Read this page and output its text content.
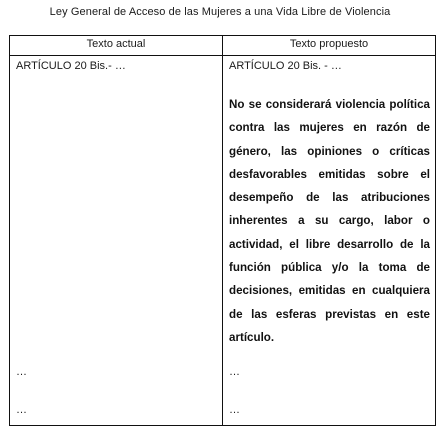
Ley General de Acceso de las Mujeres a una Vida Libre de Violencia
Texto actual	Texto propuesto
ARTÍCULO 20 Bis.- …	ARTÍCULO 20 Bis. - …
No se considerará violencia política contra las mujeres en razón de género, las opiniones o críticas desfavorables emitidas sobre el desempeño de las atribuciones inherentes a su cargo, labor o actividad, el libre desarrollo de la función pública y/o la toma de decisiones, emitidas en cualquiera de las esferas previstas en este artículo.
…
…
…
…
